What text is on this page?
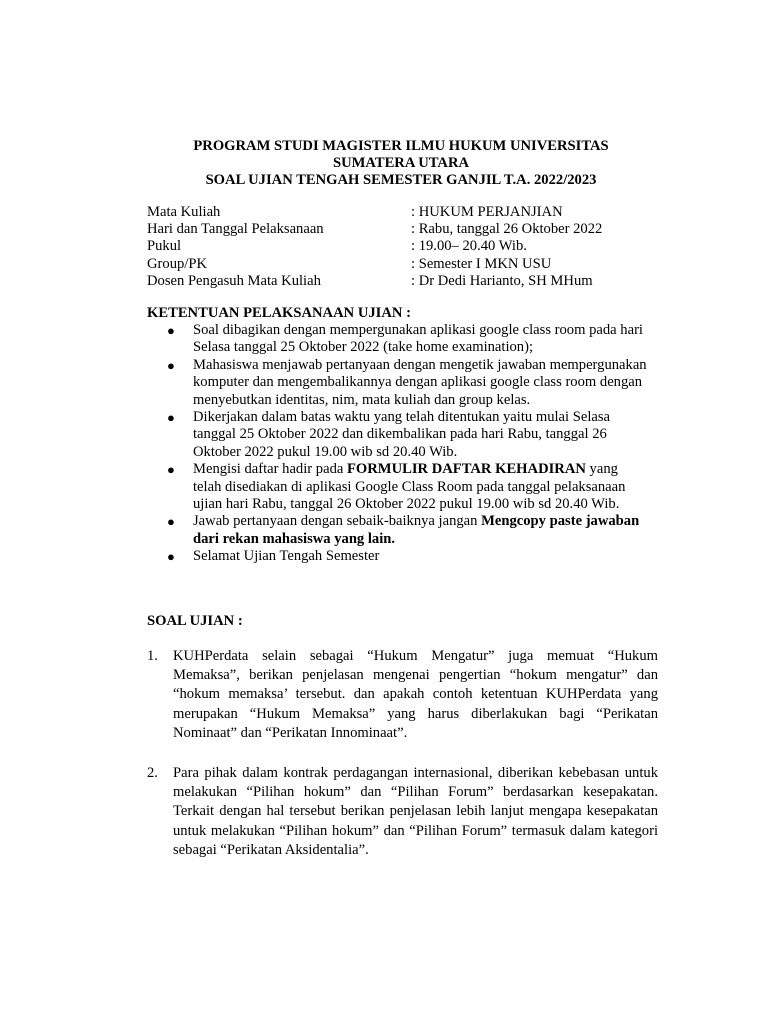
PROGRAM STUDI MAGISTER ILMU HUKUM UNIVERSITAS
SUMATERA UTARA
SOAL UJIAN TENGAH SEMESTER GANJIL T.A. 2022/2023
Mata Kuliah	: HUKUM PERJANJIAN
Hari dan Tanggal Pelaksanaan	: Rabu, tanggal 26 Oktober 2022
Pukul	: 19.00– 20.40 Wib.
Group/PK	: Semester I MKN USU
Dosen Pengasuh Mata Kuliah	: Dr Dedi Harianto, SH MHum
KETENTUAN PELAKSANAAN UJIAN :
● Soal dibagikan dengan mempergunakan aplikasi google class room pada hari Selasa tanggal 25 Oktober 2022 (take home examination);
● Mahasiswa menjawab pertanyaan dengan mengetik jawaban mempergunakan komputer dan mengembalikannya dengan aplikasi google class room dengan menyebutkan identitas, nim, mata kuliah dan group kelas.
● Dikerjakan dalam batas waktu yang telah ditentukan yaitu mulai Selasa tanggal 25 Oktober 2022 dan dikembalikan pada hari Rabu, tanggal 26 Oktober 2022 pukul 19.00 wib sd 20.40 Wib.
● Mengisi daftar hadir pada FORMULIR DAFTAR KEHADIRAN yang telah disediakan di aplikasi Google Class Room pada tanggal pelaksanaan ujian hari Rabu, tanggal 26 Oktober 2022 pukul 19.00 wib sd 20.40 Wib.
● Jawab pertanyaan dengan sebaik-baiknya jangan Mengcopy paste jawaban dari rekan mahasiswa yang lain.
● Selamat Ujian Tengah Semester
SOAL UJIAN :
1. KUHPerdata selain sebagai “Hukum Mengatur” juga memuat “Hukum Memaksa”, berikan penjelasan mengenai pengertian “hokum mengatur” dan “hokum memaksa’ tersebut. dan apakah contoh ketentuan KUHPerdata yang merupakan “Hukum Memaksa” yang harus diberlakukan bagi “Perikatan Nominaat” dan “Perikatan Innominaat”.
2. Para pihak dalam kontrak perdagangan internasional, diberikan kebebasan untuk melakukan “Pilihan hokum” dan “Pilihan Forum” berdasarkan kesepakatan. Terkait dengan hal tersebut berikan penjelasan lebih lanjut mengapa kesepakatan untuk melakukan “Pilihan hokum” dan “Pilihan Forum” termasuk dalam kategori sebagai “Perikatan Aksidentalia”.
